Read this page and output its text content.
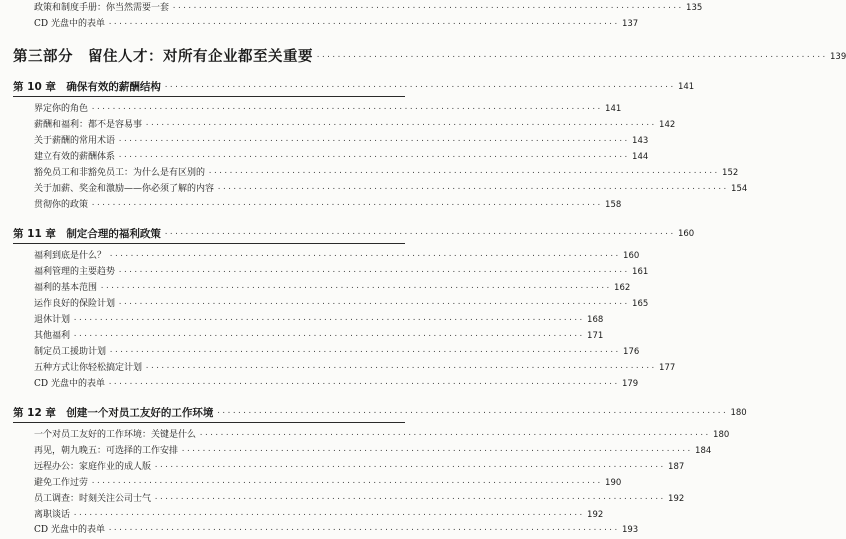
政策和制度手册：你当然需要一套 ·································································································· 135
CD 光盘中的表单 ·································································································· 137
第三部分　留住人才：对所有企业都至关重要 ·································································································· 139
第 10 章　确保有效的薪酬结构 ·································································································· 141
界定你的角色 ·································································································· 141
薪酬和福利：都不是容易事 ·································································································· 142
关于薪酬的常用术语 ·································································································· 143
建立有效的薪酬体系 ·································································································· 144
豁免员工和非豁免员工：为什么是有区别的 ·································································································· 152
关于加薪、奖金和激励——你必须了解的内容 ·································································································· 154
贯彻你的政策 ·································································································· 158
第 11 章　制定合理的福利政策 ·································································································· 160
福利到底是什么？ ·································································································· 160
福利管理的主要趋势 ·································································································· 161
福利的基本范围 ·································································································· 162
运作良好的保险计划 ·································································································· 165
退休计划 ·································································································· 168
其他福利 ·································································································· 171
制定员工援助计划 ·································································································· 176
五种方式让你轻松搞定计划 ·································································································· 177
CD 光盘中的表单 ·································································································· 179
第 12 章　创建一个对员工友好的工作环境 ·································································································· 180
一个对员工友好的工作环境：关键是什么 ·································································································· 180
再见，朝九晚五：可选择的工作安排 ·································································································· 184
远程办公：家庭作业的成人版 ·································································································· 187
避免工作过劳 ·································································································· 190
员工调查：时刻关注公司士气 ·································································································· 192
离职谈话 ·································································································· 192
CD 光盘中的表单 ·································································································· 193
